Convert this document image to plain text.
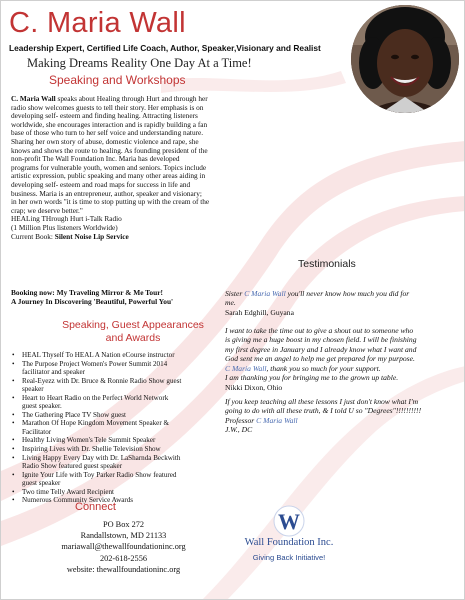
C. Maria Wall
Leadership Expert, Certified Life Coach, Author, Speaker,Visionary and Realist
Making Dreams Reality One Day At a Time!
Speaking and Workshops
C. Maria Wall speaks about Healing through Hurt and through her
radio show welcomes guests to tell their story. Her emphasis is on
developing self- esteem and finding healing. Attracting listeners
worldwide, she encourages interaction and is rapidly building a fan
base of those who turn to her self voice and understanding nature.
Sharing her own story of abuse, domestic violence and rape, she
knows and shows the route to healing. As founding president of the
non-profit The Wall Foundation Inc. Maria has developed
programs for vulnerable youth, women and seniors. Topics include
artistic expression, public speaking and many other areas aiding in
developing self- esteem and road maps for success in life and
business. Maria is an entrepreneur, author, speaker and visionary;
in her own words "it is time to stop putting up with the cream of the
crap; we deserve better."
HEALing THrough Hurt i-Talk Radio
(1 Million Plus listeners Worldwide)
Current Book: Silent Noise Lip Service
Booking now: My Traveling Mirror & Me Tour!
A Journey In Discovering 'Beautiful, Powerful You'
Speaking, Guest Appearances
and Awards
• HEAL Thyself To HEAL A Nation eCourse instructor
• The Purpose Project Women's Power Summit 2014
facilitator and speaker
• Real-Eyezz with Dr. Bruce & Ronnie Radio Show guest
speaker
• Heart to Heart Radio on the Perfect World Network
guest speaker.
• The Gathering Place TV Show guest
• Marathon Of Hope Kingdom Movement Speaker &
Facilitator
• Healthy Living Women's Tele Summit Speaker
• Inspiring Lives with Dr. Shellie Television Show
• Living Happy Every Day with Dr. LaSharnda Beckwith
Radio Show featured guest speaker
• Ignite Your Life with Toy Parker Radio Show featured
guest speaker
• Two time Telly Award Recipient
• Numerous Community Service Awards
Connect
PO Box 272
Randallstown, MD 21133
mariawall@thewallfoundationinc.org
202-618-2556
website: thewallfoundationinc.org
Testimonials
Sister C Maria Wall you'll never know how much you did for
me.
Sarah Edghill, Guyana
I want to take the time out to give a shout out to someone who
is giving me a huge boost in my chosen field. I will be finishing
my first degree in January and I already know what I want and
God sent me an angel to help me get prepared for my purpose.
C Maria Wall, thank you so much for your support.
I am thanking you for bringing me to the grown up table.
Nikki Dixon, Ohio
If you keep teaching all these lessons I just don't know what I'm
going to do with all these truth, & I told U so "Degrees"!!!!!!!!!!
Professor C Maria Wall
J.W., DC
W
Wall Foundation Inc.
Giving Back Initiative!
